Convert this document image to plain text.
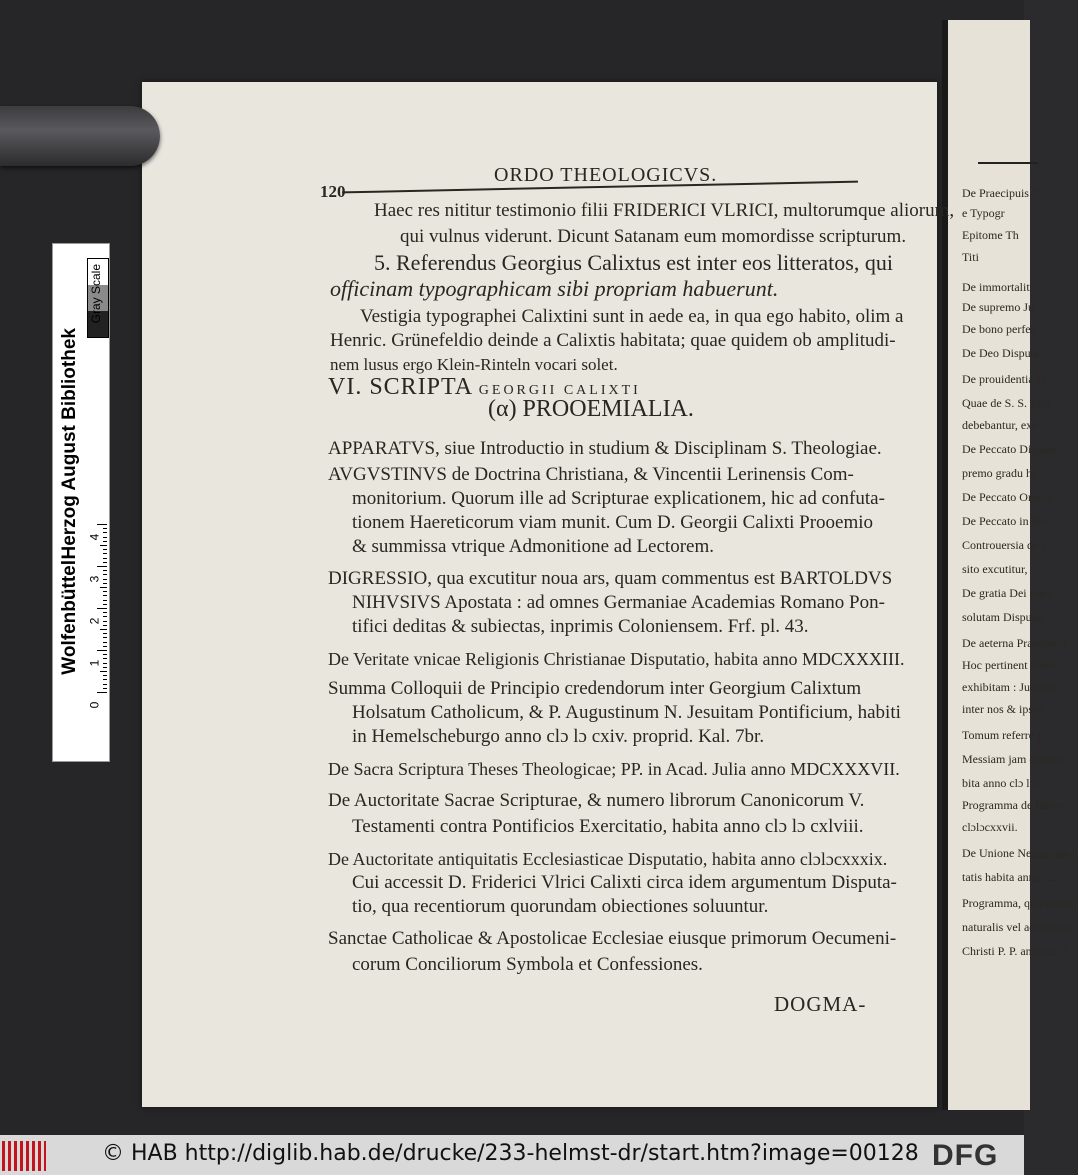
De Praecipuis C
e Typogr
Epitome Th
Titi
De immortalita
De supremo Ju
De bono perfec
De Deo Disputa
De prouidentia D
Quae de S. S. Trin
debebantur, exe
De Peccato Disputa
premo gradu ha
De Peccato Origin
De Peccato in Spi
Controuersia de c
sito excutitur,
De gratia Dei ergo
solutam Disputat
De aeterna Praedestin
Hoc pertinent Anim
exhibitam : Judicin
inter nos & ipsos
Tomum referre p
Messiam jam dudum
bita anno clɔ lɔ c
Programma de Haere
clɔlɔcxxvii.
De Unione Nestoriana e
tatis habita anno clɔ
Programma, quo contro
naturalis vel adoptiuus
Christi P. P. anno clɔ l
ORDO THEOLOGICVS.
120
Haec res nititur testimonio filii FRIDERICI VLRICI, multorumque aliorum,
qui vulnus viderunt. Dicunt Satanam eum momordisse scripturum.
5. Referendus Georgius Calixtus est inter eos litteratos, qui
officinam typographicam sibi propriam habuerunt.
Vestigia typographei Calixtini sunt in aede ea, in qua ego habito, olim a
Henric. Grünefeldio deinde a Calixtis habitata; quae quidem ob amplitudi-
nem lusus ergo Klein-Rinteln vocari solet.
VI. SCRIPTA GEORGII CALIXTI
(α) PROOEMIALIA.
APPARATVS, siue Introductio in studium & Disciplinam S. Theologiae.
AVGVSTINVS de Doctrina Christiana, & Vincentii Lerinensis Com-
monitorium. Quorum ille ad Scripturae explicationem, hic ad confuta-
tionem Haereticorum viam munit. Cum D. Georgii Calixti Prooemio
& summissa vtrique Admonitione ad Lectorem.
DIGRESSIO, qua excutitur noua ars, quam commentus est BARTOLDVS
NIHVSIVS Apostata : ad omnes Germaniae Academias Romano Pon-
tifici deditas & subiectas, inprimis Coloniensem. Frf. pl. 43.
De Veritate vnicae Religionis Christianae Disputatio, habita anno MDCXXXIII.
Summa Colloquii de Principio credendorum inter Georgium Calixtum
Holsatum Catholicum, & P. Augustinum N. Jesuitam Pontificium, habiti
in Hemelscheburgo anno clɔ lɔ cxiv. proprid. Kal. 7br.
De Sacra Scriptura Theses Theologicae; PP. in Acad. Julia anno MDCXXXVII.
De Auctoritate Sacrae Scripturae, & numero librorum Canonicorum V.
Testamenti contra Pontificios Exercitatio, habita anno clɔ lɔ cxlviii.
De Auctoritate antiquitatis Ecclesiasticae Disputatio, habita anno clɔlɔcxxxix.
Cui accessit D. Friderici Vlrici Calixti circa idem argumentum Disputa-
tio, qua recentiorum quorundam obiectiones soluuntur.
Sanctae Catholicae & Apostolicae Ecclesiae eiusque primorum Oecumeni-
corum Conciliorum Symbola et Confessiones.
DOGMA-
Herzog August Bibliothek
Wolfenbüttel
Gray Scale
4
3
2
1
0
© HAB http://diglib.hab.de/drucke/233-helmst-dr/start.htm?image=00128 DFG
